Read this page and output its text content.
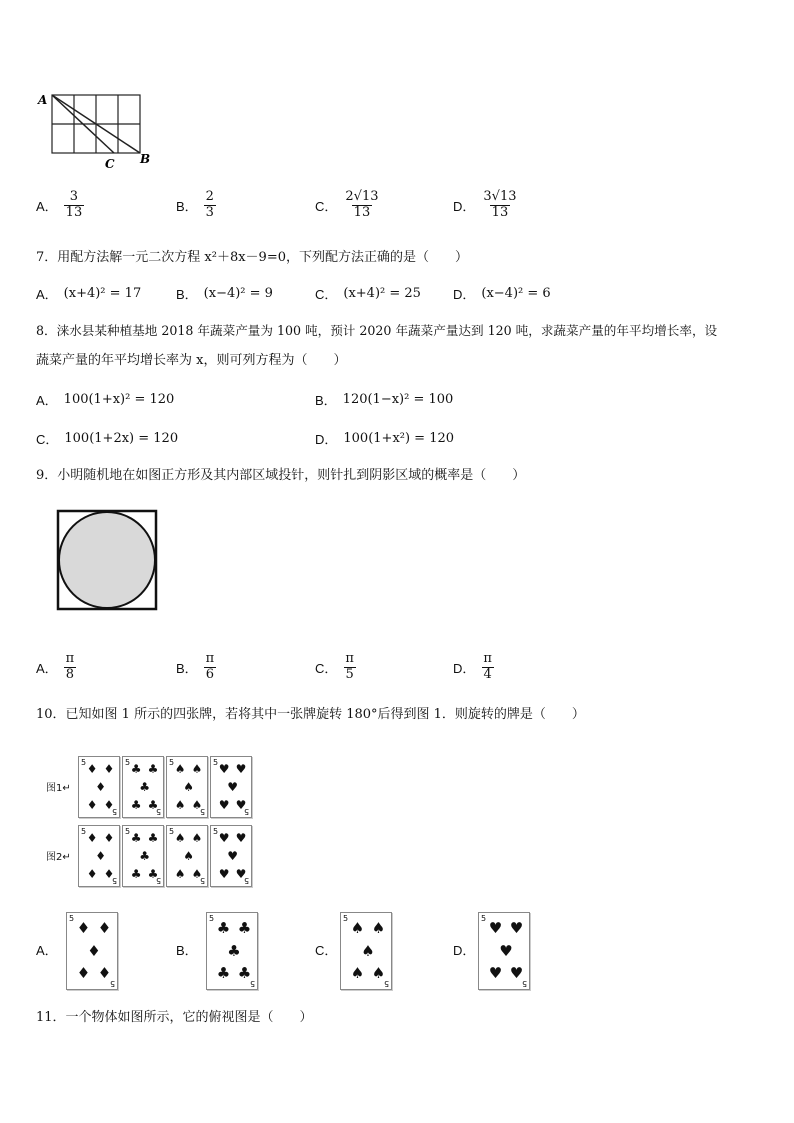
A
C B
A． $\frac{3}{13}$	B． $\frac{2}{3}$	C． $\frac{2√13}{13}$	D． $\frac{3√13}{13}$
7．用配方法解一元二次方程 x²＋8x－9=0，下列配方法正确的是（　　）
A． (x+4)² = 17	B． (x−4)² = 9	C． (x+4)² = 25 D． (x−4)² = 6
8．涞水县某种植基地 2018 年蔬菜产量为 100 吨，预计 2020 年蔬菜产量达到 120 吨，求蔬菜产量的年平均增长率，设
蔬菜产量的年平均增长率为 x，则可列方程为（　　）
A． 100(1+x)² = 120	B． 120(1−x)² = 100
C． 100(1+2x) = 120	D． 100(1+x²) = 120
9．小明随机地在如图正方形及其内部区域投针，则针扎到阴影区域的概率是（　　）
A． $\frac{\pi}{8}$	B． $\frac{\pi}{6}$	C． $\frac{\pi}{5}$	D． $\frac{\pi}{4}$
10．已知如图 1 所示的四张牌，若将其中一张牌旋转 180°后得到图 1．则旋转的牌是（　　）
图1↵
图2↵
♦ ♦
♦
♦ ♦
5
5
♣ ♣
♣
♣ ♣
5
5
♠ ♠
♠
♠ ♠
5
5
♥ ♥
♥
♥ ♥
5
5
♦ ♦
♦
♦ ♦
5
5
♣ ♣
♣
♣ ♣
5
5
♠ ♠
♠
♠ ♠
5
5
♥ ♥
♥
♥ ♥
5
5
A．	B．	C．	D．
♦ ♦
♦
♦ ♦
5
5
♣ ♣
♣
♣ ♣
5
5
♠ ♠
♠
♠ ♠
5
5
♥ ♥
♥
♥ ♥
5
5
11．一个物体如图所示，它的俯视图是（　　）
